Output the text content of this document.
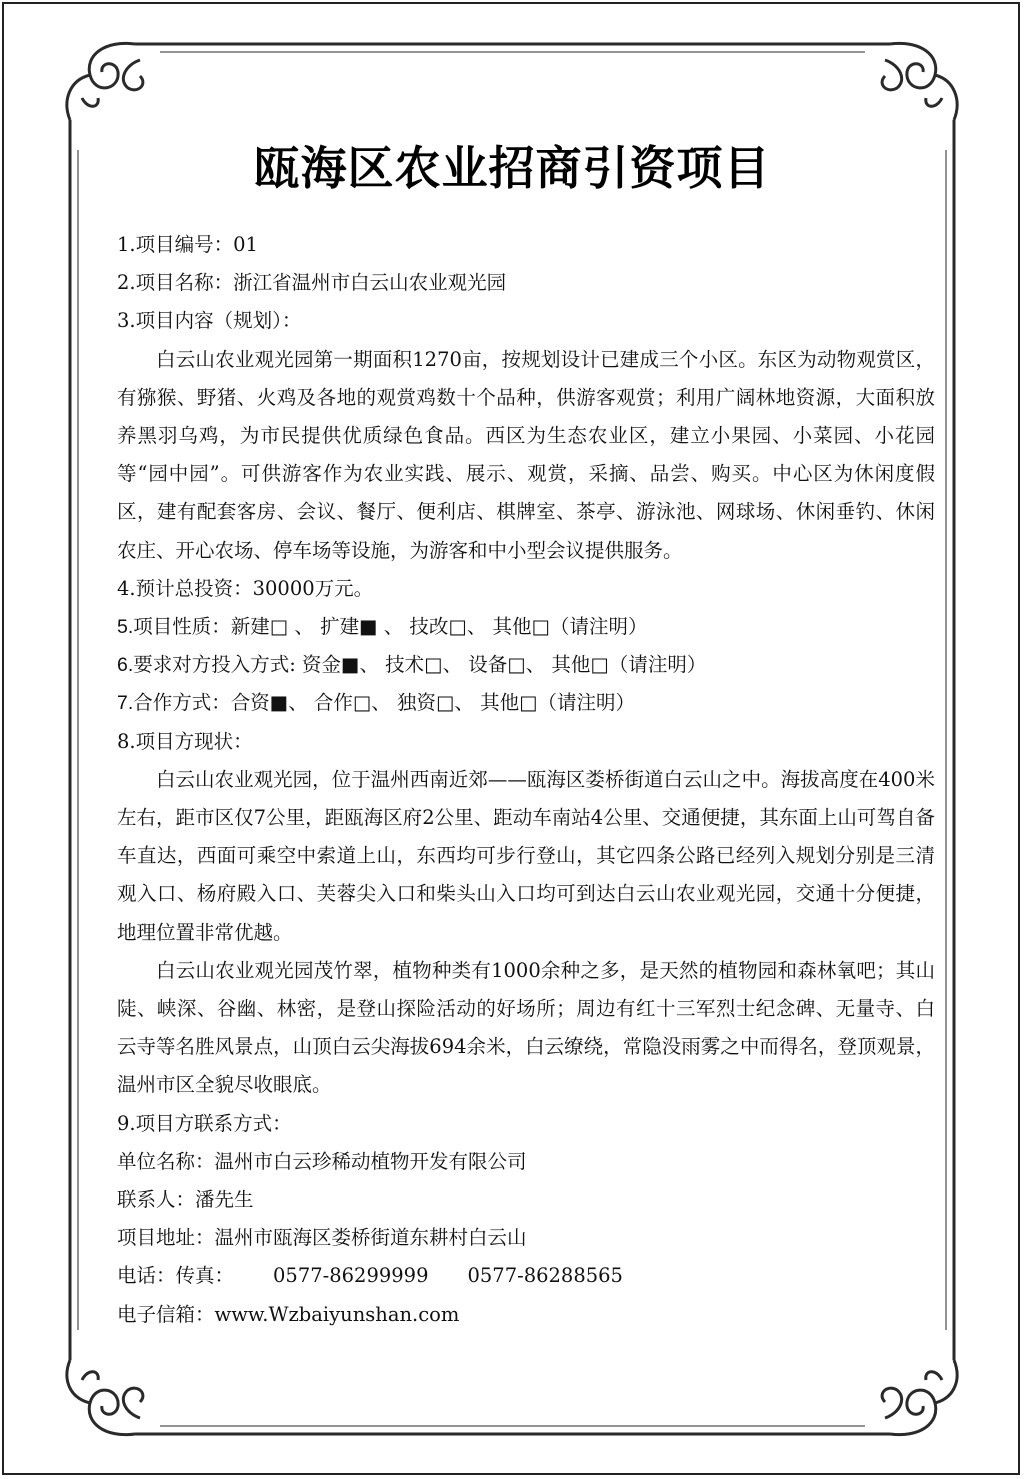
瓯海区农业招商引资项目

1.项目编号：01

2.项目名称：浙江省温州市白云山农业观光园

3.项目内容（规划）：

白云山农业观光园第一期面积1270亩，按规划设计已建成三个小区。东区为动物观赏区，有猕猴、野猪、火鸡及各地的观赏鸡数十个品种，供游客观赏；利用广阔林地资源，大面积放养黑羽乌鸡，为市民提供优质绿色食品。西区为生态农业区，建立小果园、小菜园、小花园等“园中园”。可供游客作为农业实践、展示、观赏，采摘、品尝、购买。中心区为休闲度假区，建有配套客房、会议、餐厅、便利店、棋牌室、茶亭、游泳池、网球场、休闲垂钓、休闲农庄、开心农场、停车场等设施，为游客和中小型会议提供服务。

4.预计总投资：30000万元。

5.项目性质：新建□ 、 扩建■ 、 技改□、 其他□（请注明）

6.要求对方投入方式: 资金■、 技术□、 设备□、 其他□（请注明）

7.合作方式：合资■、 合作□、 独资□、 其他□（请注明）

8.项目方现状：

白云山农业观光园，位于温州西南近郊——瓯海区娄桥街道白云山之中。海拔高度在400米左右，距市区仅7公里，距瓯海区府2公里、距动车南站4公里、交通便捷，其东面上山可驾自备车直达，西面可乘空中索道上山，东西均可步行登山，其它四条公路已经列入规划分别是三清观入口、杨府殿入口、芙蓉尖入口和柴头山入口均可到达白云山农业观光园，交通十分便捷，地理位置非常优越。

白云山农业观光园茂竹翠，植物种类有1000余种之多，是天然的植物园和森林氧吧；其山陡、峡深、谷幽、林密，是登山探险活动的好场所；周边有红十三军烈士纪念碑、无量寺、白云寺等名胜风景点，山顶白云尖海拔694余米，白云缭绕，常隐没雨雾之中而得名，登顶观景，温州市区全貌尽收眼底。

9.项目方联系方式：

单位名称：温州市白云珍稀动植物开发有限公司

联系人：潘先生

项目地址：温州市瓯海区娄桥街道东耕村白云山

电话：传真： 0577-86299999 0577-86288565

电子信箱：www.Wzbaiyunshan.com
